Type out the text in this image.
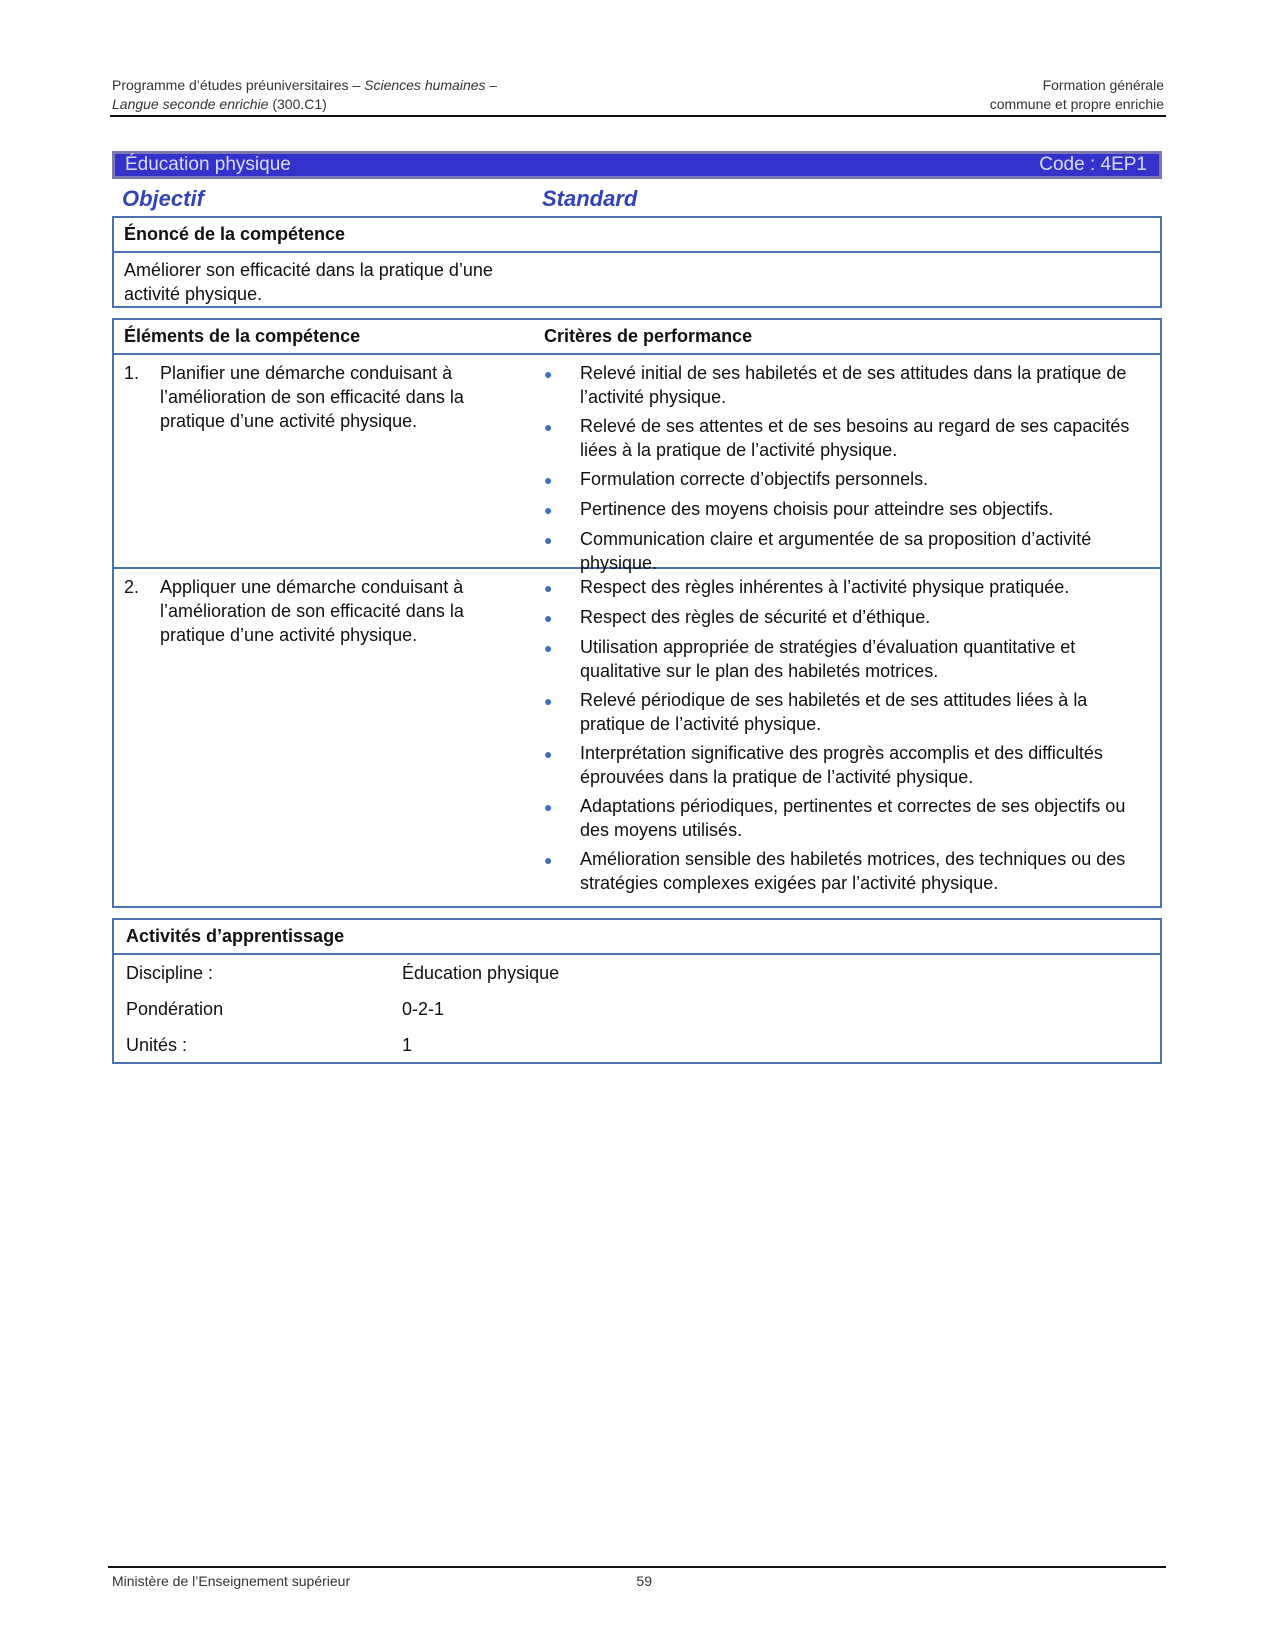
Programme d’études préuniversitaires – Sciences humaines –	Formation générale
Langue seconde enrichie (300.C1)	commune et propre enrichie
Éducation physique	Code : 4EP1
Objectif	Standard
Énoncé de la compétence
Améliorer son efficacité dans la pratique d’une activité physique.
Éléments de la compétence	Critères de performance
1.	Planifier une démarche conduisant à l’amélioration de son efficacité dans la pratique d’une activité physique.
●	Relevé initial de ses habiletés et de ses attitudes dans la pratique de l’activité physique.
●	Relevé de ses attentes et de ses besoins au regard de ses capacités liées à la pratique de l’activité physique.
●	Formulation correcte d’objectifs personnels.
●	Pertinence des moyens choisis pour atteindre ses objectifs.
●	Communication claire et argumentée de sa proposition d’activité physique.
2.	Appliquer une démarche conduisant à l’amélioration de son efficacité dans la pratique d’une activité physique.
●	Respect des règles inhérentes à l’activité physique pratiquée.
●	Respect des règles de sécurité et d’éthique.
●	Utilisation appropriée de stratégies d’évaluation quantitative et qualitative sur le plan des habiletés motrices.
●	Relevé périodique de ses habiletés et de ses attitudes liées à la pratique de l’activité physique.
●	Interprétation significative des progrès accomplis et des difficultés éprouvées dans la pratique de l’activité physique.
●	Adaptations périodiques, pertinentes et correctes de ses objectifs ou des moyens utilisés.
●	Amélioration sensible des habiletés motrices, des techniques ou des stratégies complexes exigées par l’activité physique.
Activités d’apprentissage
Discipline :	Éducation physique
Pondération	0-2-1
Unités :	1
Ministère de l’Enseignement supérieur	59
